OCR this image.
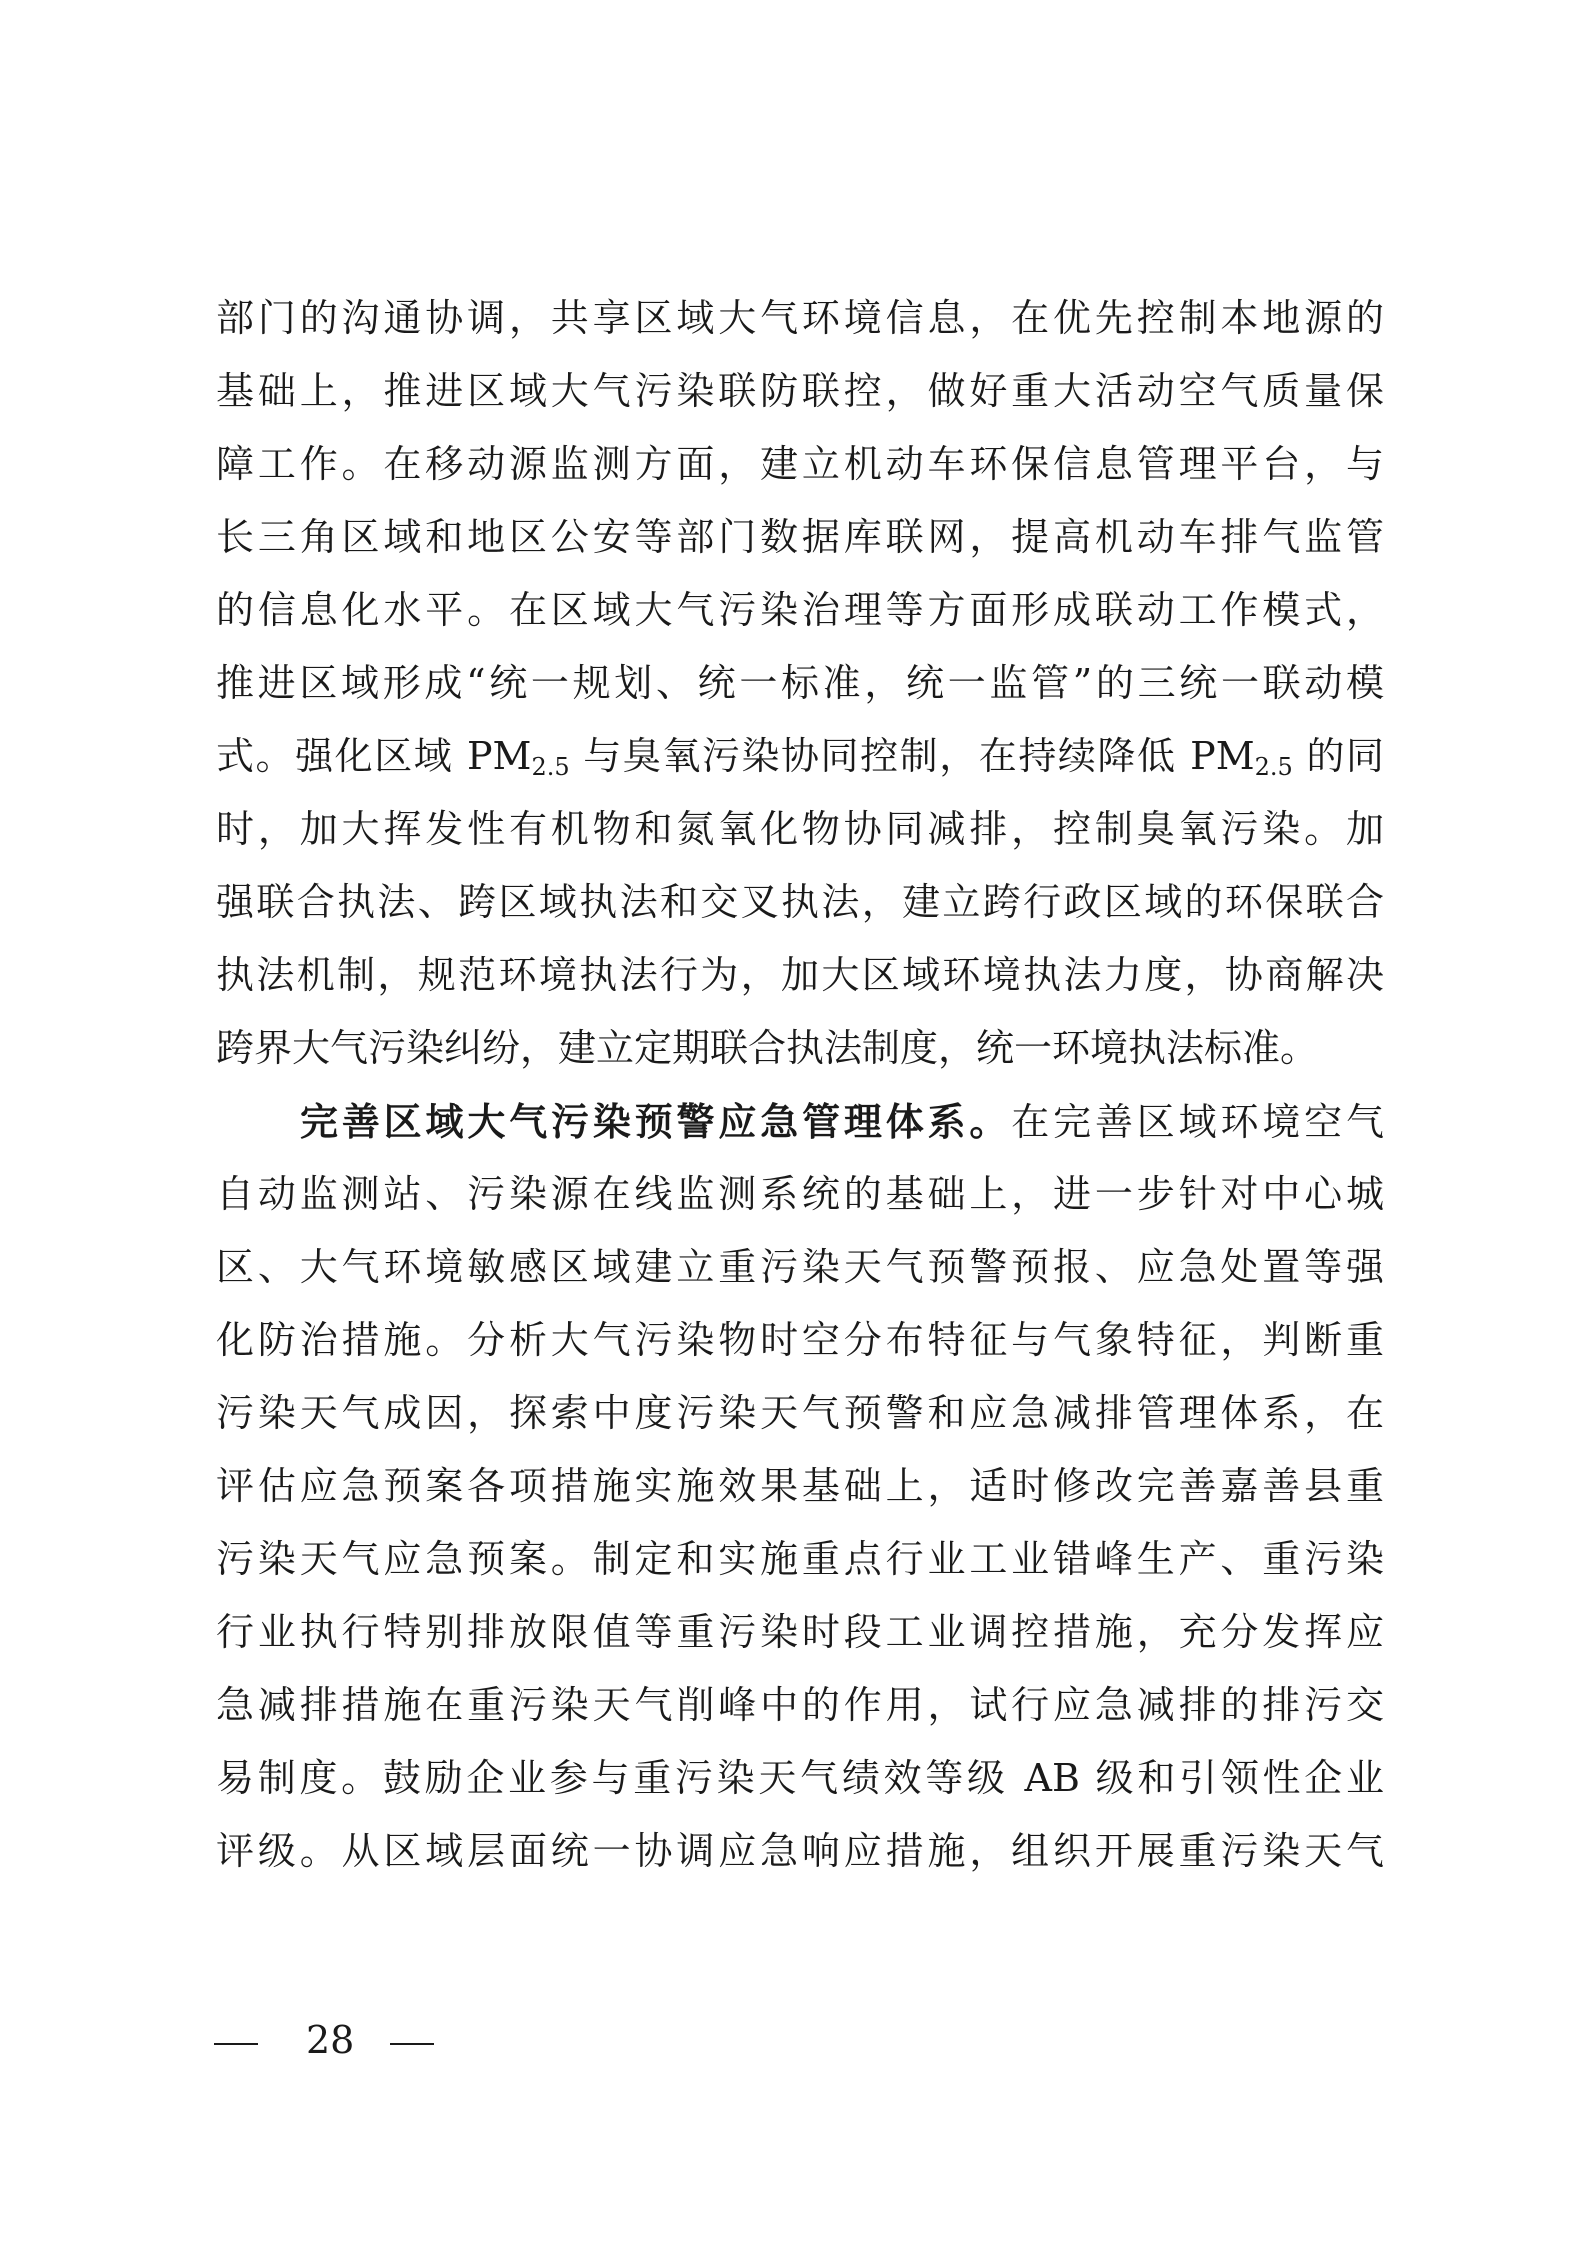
部门的沟通协调，共享区域大气环境信息，在优先控制本地源的
基础上，推进区域大气污染联防联控，做好重大活动空气质量保
障工作。在移动源监测方面，建立机动车环保信息管理平台，与
长三角区域和地区公安等部门数据库联网，提高机动车排气监管
的信息化水平。在区域大气污染治理等方面形成联动工作模式，
推进区域形成“统一规划、统一标准，统一监管”的三统一联动模
式。强化区域 $PM_{2.5}$ 与臭氧污染协同控制，在持续降低 $PM_{2.5}$ 的同
时，加大挥发性有机物和氮氧化物协同减排，控制臭氧污染。加
强联合执法、跨区域执法和交叉执法，建立跨行政区域的环保联合
执法机制，规范环境执法行为，加大区域环境执法力度，协商解决
跨界大气污染纠纷，建立定期联合执法制度，统一环境执法标准。
完善区域大气污染预警应急管理体系。在完善区域环境空气
自动监测站、污染源在线监测系统的基础上，进一步针对中心城
区、大气环境敏感区域建立重污染天气预警预报、应急处置等强
化防治措施。分析大气污染物时空分布特征与气象特征，判断重
污染天气成因，探索中度污染天气预警和应急减排管理体系，在
评估应急预案各项措施实施效果基础上，适时修改完善嘉善县重
污染天气应急预案。制定和实施重点行业工业错峰生产、重污染
行业执行特别排放限值等重污染时段工业调控措施，充分发挥应
急减排措施在重污染天气削峰中的作用，试行应急减排的排污交
易制度。鼓励企业参与重污染天气绩效等级 AB 级和引领性企业
评级。从区域层面统一协调应急响应措施，组织开展重污染天气
28
